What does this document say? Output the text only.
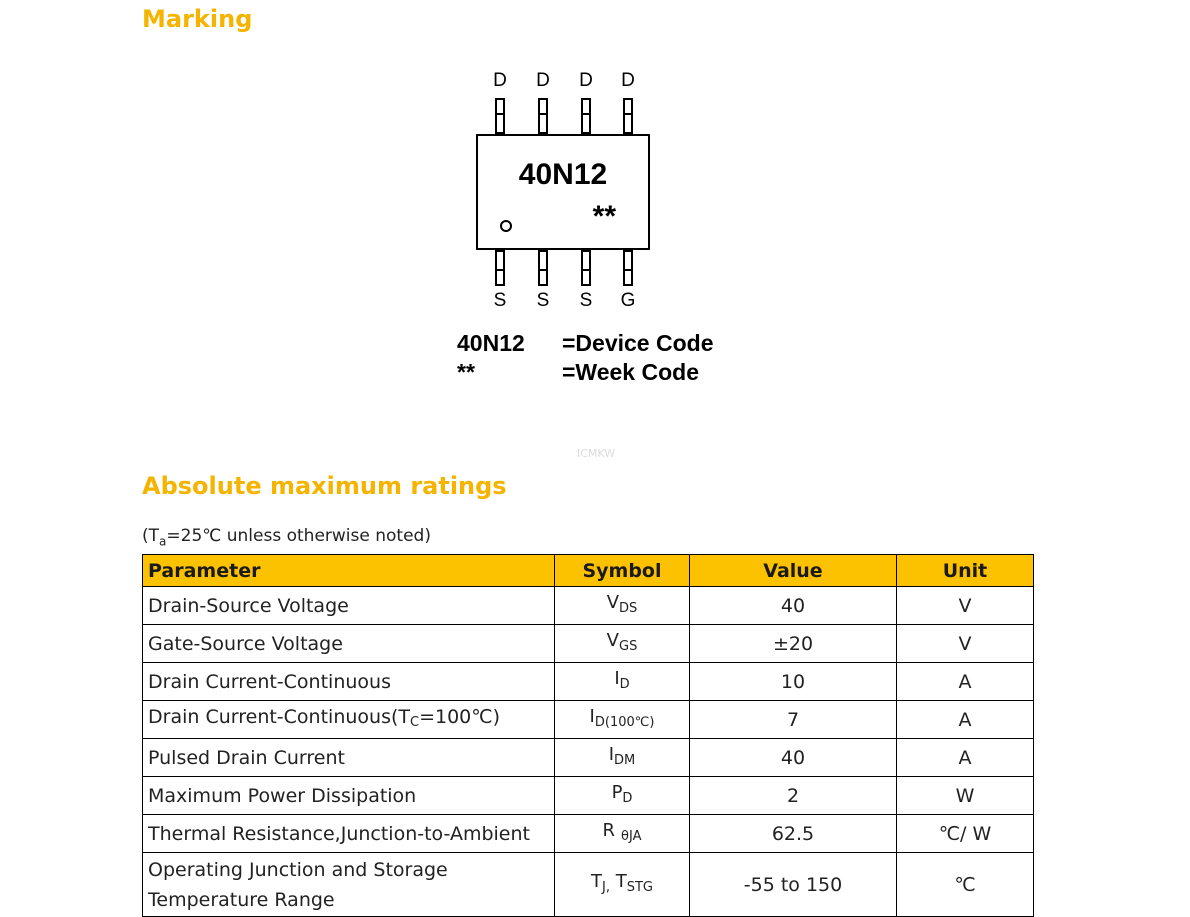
Marking
D D D D
40N12
**
S S S G
40N12 =Device Code
**	=Week Code
ICMKW
Absolute maximum ratings
($T_a=25℃$ unless otherwise noted)
Parameter	Symbol	Value	Unit
Drain-Source Voltage	$V_{DS}$	40	V
Gate-Source Voltage	$V_{GS}$	±20	V
Drain Current-Continuous	$I_D$	10	A
Drain Current-$Continuous(T_C=100℃)$	$I_{D(100℃)}$	7	A
Pulsed Drain Current	$I_{DM}$	40	A
Maximum Power Dissipation	$P_D$	2	W
Thermal Resistance,Junction-to-Ambient	R $_{\theta JA}$	62.5	℃/ W

Operating Junction and Storage
Temperature Range	$T_{J,}$ $T_{STG}$	-55 to 150	℃
